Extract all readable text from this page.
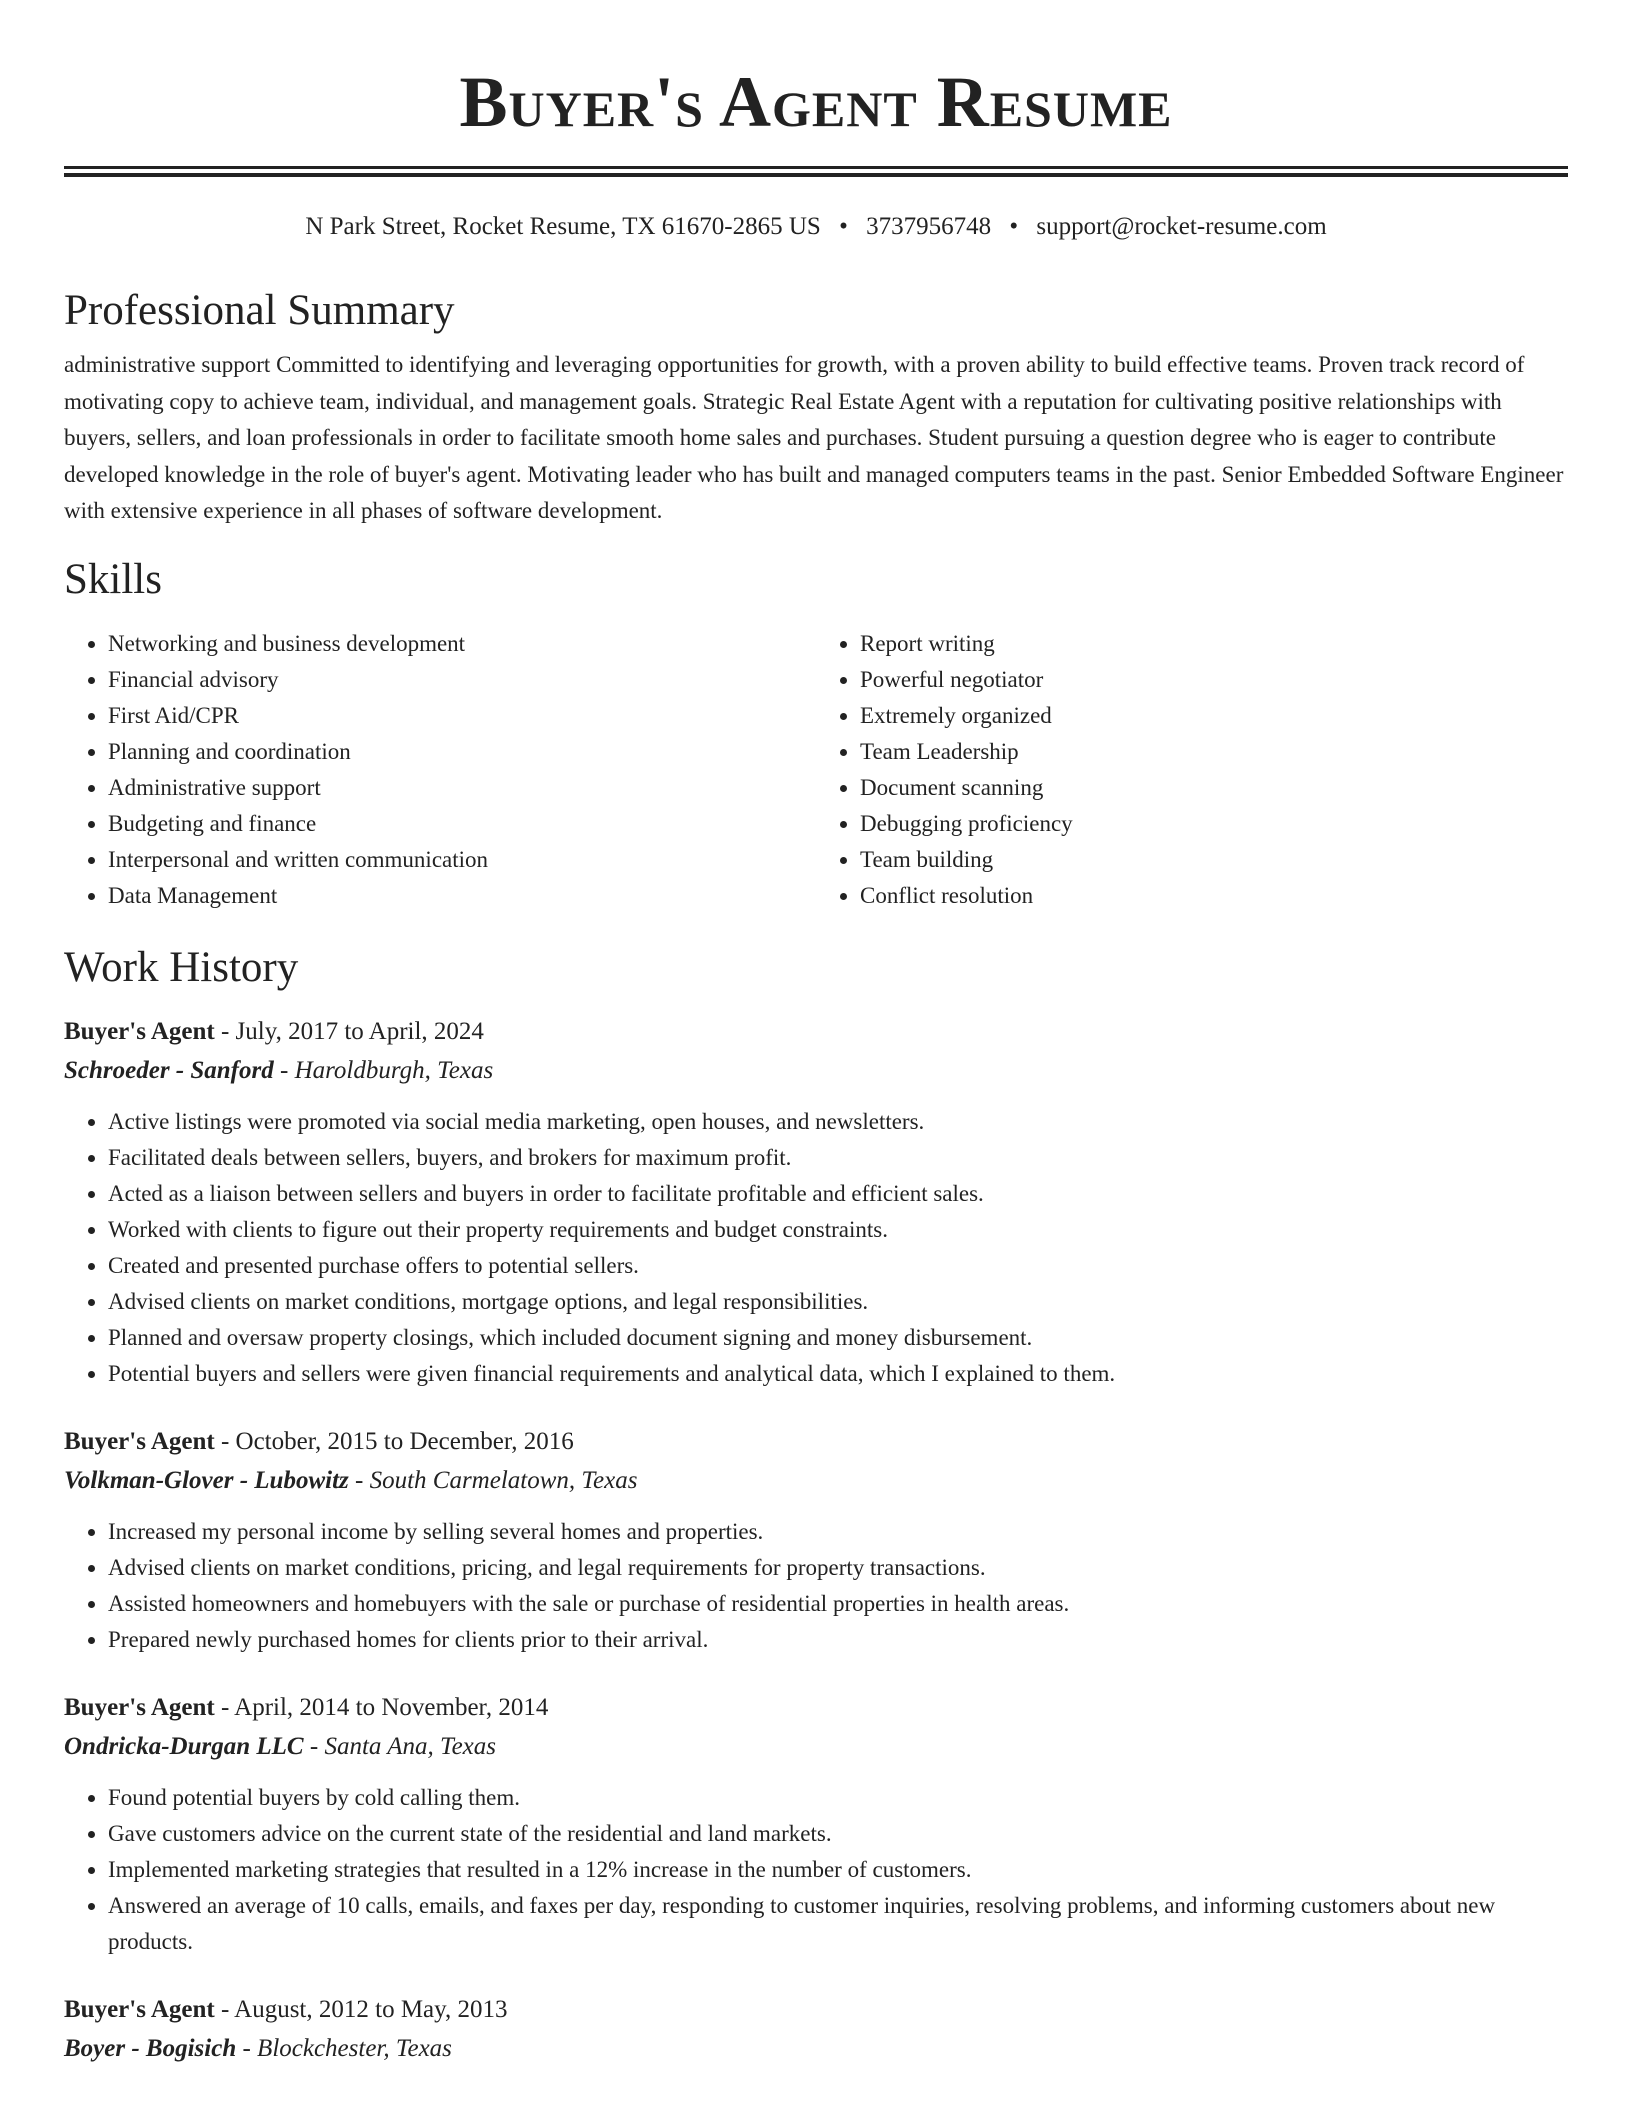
Buyer's Agent Resume
N Park Street, Rocket Resume, TX 61670-2865 US • 3737956748 • support@rocket-resume.com
Professional Summary

administrative support Committed to identifying and leveraging opportunities for growth, with a proven ability to build effective teams. Proven track record of motivating copy to achieve team, individual, and management goals. Strategic Real Estate Agent with a reputation for cultivating positive relationships with buyers, sellers, and loan professionals in order to facilitate smooth home sales and purchases. Student pursuing a question degree who is eager to contribute developed knowledge in the role of buyer's agent. Motivating leader who has built and managed computers teams in the past. Senior Embedded Software Engineer with extensive experience in all phases of software development.

Skills
• Networking and business development
• Financial advisory
• First Aid/CPR
• Planning and coordination
• Administrative support
• Budgeting and finance
• Interpersonal and written communication
• Data Management
• Report writing
• Powerful negotiator
• Extremely organized
• Team Leadership
• Document scanning
• Debugging proficiency
• Team building
• Conflict resolution
Work History
Buyer's Agent - July, 2017 to April, 2024
Schroeder - Sanford - Haroldburgh, Texas
• Active listings were promoted via social media marketing, open houses, and newsletters.
• Facilitated deals between sellers, buyers, and brokers for maximum profit.
• Acted as a liaison between sellers and buyers in order to facilitate profitable and efficient sales.
• Worked with clients to figure out their property requirements and budget constraints.
• Created and presented purchase offers to potential sellers.
• Advised clients on market conditions, mortgage options, and legal responsibilities.
• Planned and oversaw property closings, which included document signing and money disbursement.
• Potential buyers and sellers were given financial requirements and analytical data, which I explained to them.
Buyer's Agent - October, 2015 to December, 2016
Volkman-Glover - Lubowitz - South Carmelatown, Texas
• Increased my personal income by selling several homes and properties.
• Advised clients on market conditions, pricing, and legal requirements for property transactions.
• Assisted homeowners and homebuyers with the sale or purchase of residential properties in health areas.
• Prepared newly purchased homes for clients prior to their arrival.
Buyer's Agent - April, 2014 to November, 2014
Ondricka-Durgan LLC - Santa Ana, Texas
• Found potential buyers by cold calling them.
• Gave customers advice on the current state of the residential and land markets.
• Implemented marketing strategies that resulted in a 12% increase in the number of customers.
• Answered an average of 10 calls, emails, and faxes per day, responding to customer inquiries, resolving problems, and informing customers about new products.
Buyer's Agent - August, 2012 to May, 2013
Boyer - Bogisich - Blockchester, Texas
